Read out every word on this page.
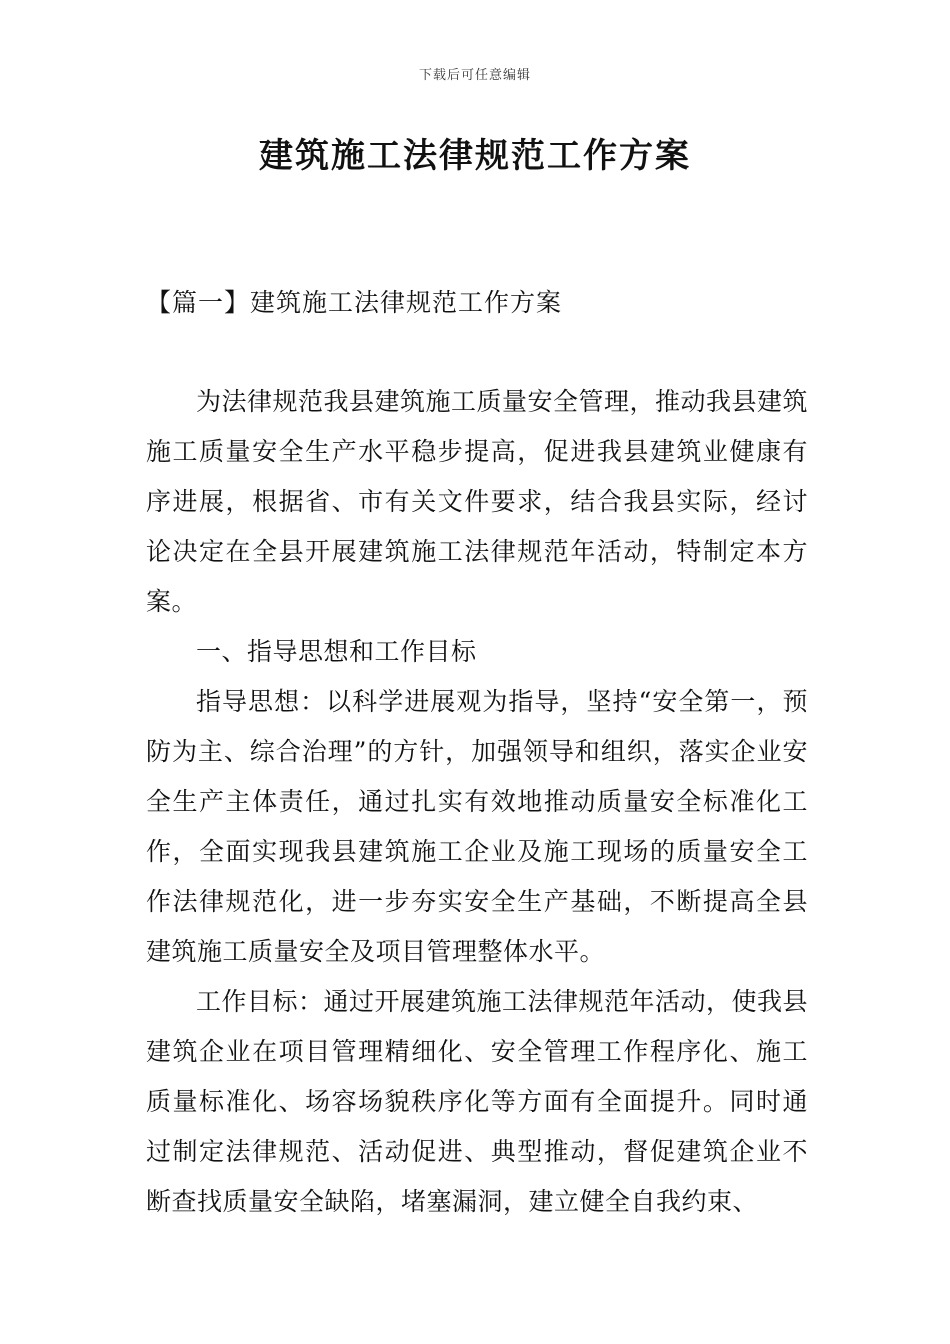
下载后可任意编辑
建筑施工法律规范工作方案
【篇一】建筑施工法律规范工作方案

为法律规范我县建筑施工质量安全管理，推动我县建筑施工质量安全生产水平稳步提高，促进我县建筑业健康有序进展，根据省、市有关文件要求，结合我县实际，经讨论决定在全县开展建筑施工法律规范年活动，特制定本方案。

一、指导思想和工作目标

指导思想：以科学进展观为指导，坚持“安全第一，预防为主、综合治理”的方针，加强领导和组织，落实企业安全生产主体责任，通过扎实有效地推动质量安全标准化工作，全面实现我县建筑施工企业及施工现场的质量安全工作法律规范化，进一步夯实安全生产基础，不断提高全县建筑施工质量安全及项目管理整体水平。

工作目标：通过开展建筑施工法律规范年活动，使我县建筑企业在项目管理精细化、安全管理工作程序化、施工质量标准化、场容场貌秩序化等方面有全面提升。同时通过制定法律规范、活动促进、典型推动，督促建筑企业不断查找质量安全缺陷，堵塞漏洞，建立健全自我约束、
